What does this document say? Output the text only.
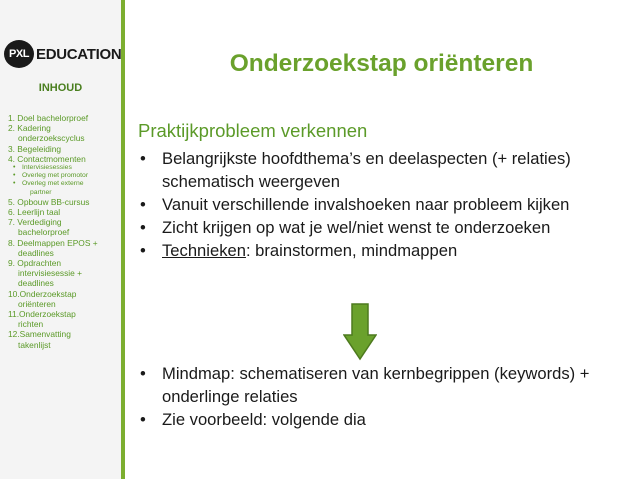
PXL EDUCATION
INHOUD
1. Doel bachelorproef
2. Kadering
onderzoekscyclus
3. Begeleiding
4. Contactmomenten
• Intervisiesessies
• Overleg met promotor
• Overleg met externe
partner
5. Opbouw BB-cursus
6. Leerlijn taal
7. Verdediging
bachelorproef
8. Deelmappen EPOS +
deadlines
9. Opdrachten
intervisiesessie +
deadlines
10.Onderzoekstap
oriënteren
11.Onderzoekstap
richten
12.Samenvatting
takenlijst
Onderzoekstap oriënteren
Praktijkprobleem verkennen
• Belangrijkste hoofdthema’s en deelaspecten (+ relaties) schematisch weergeven
• Vanuit verschillende invalshoeken naar probleem kijken
• Zicht krijgen op wat je wel/niet wenst te onderzoeken
• Technieken: brainstormen, mindmappen
• Mindmap: schematiseren van kernbegrippen (keywords) + onderlinge relaties
• Zie voorbeeld: volgende dia
